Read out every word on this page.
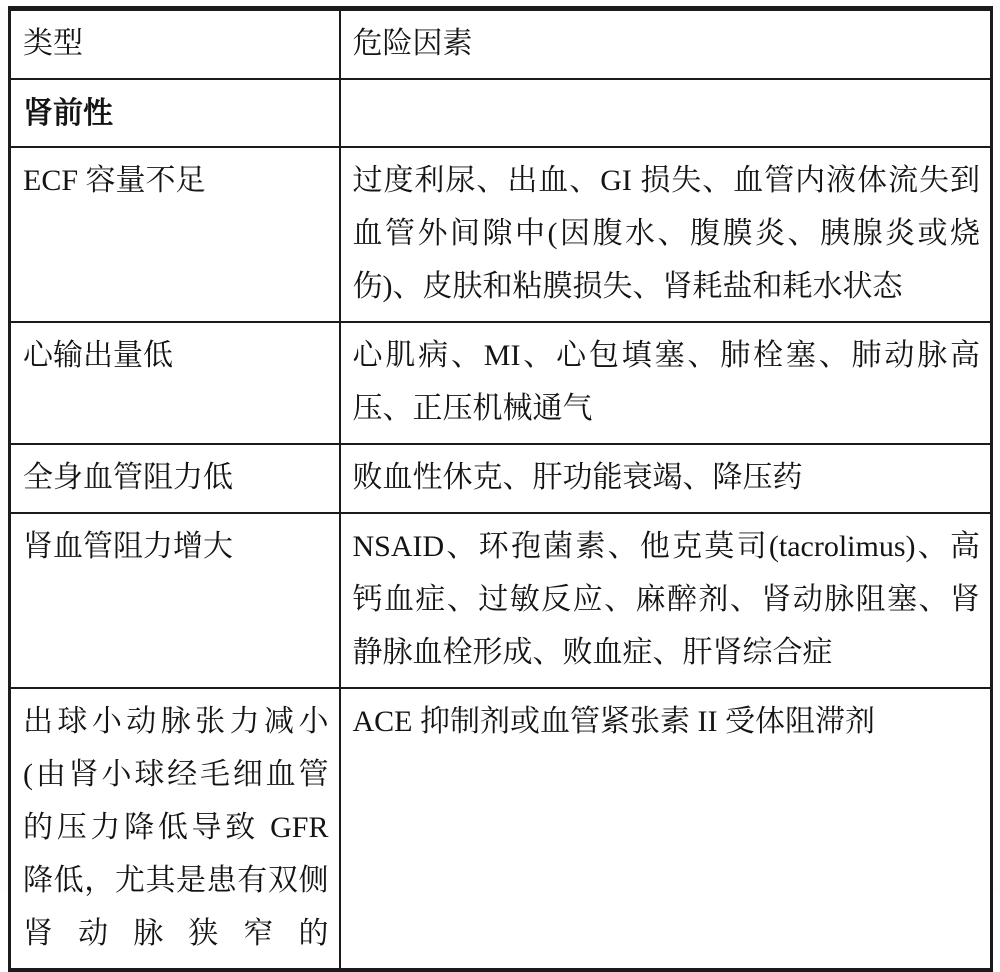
类型	危险因素
肾前性	
ECF 容量不足	过度利尿、出血、GI 损失、血管内液体流失到血管外间隙中(因腹水、腹膜炎、胰腺炎或烧伤)、皮肤和粘膜损失、肾耗盐和耗水状态
心输出量低	心肌病、MI、心包填塞、肺栓塞、肺动脉高压、正压机械通气
全身血管阻力低	败血性休克、肝功能衰竭、降压药
肾血管阻力增大	NSAID、环孢菌素、他克莫司(tacrolimus)、高钙血症、过敏反应、麻醉剂、肾动脉阻塞、肾静脉血栓形成、败血症、肝肾综合症
出球小动脉张力减小(由肾小球经毛细血管的压力降低导致 GFR 降低，尤其是患有双侧肾动脉狭窄的	ACE 抑制剂或血管紧张素 II 受体阻滞剂
